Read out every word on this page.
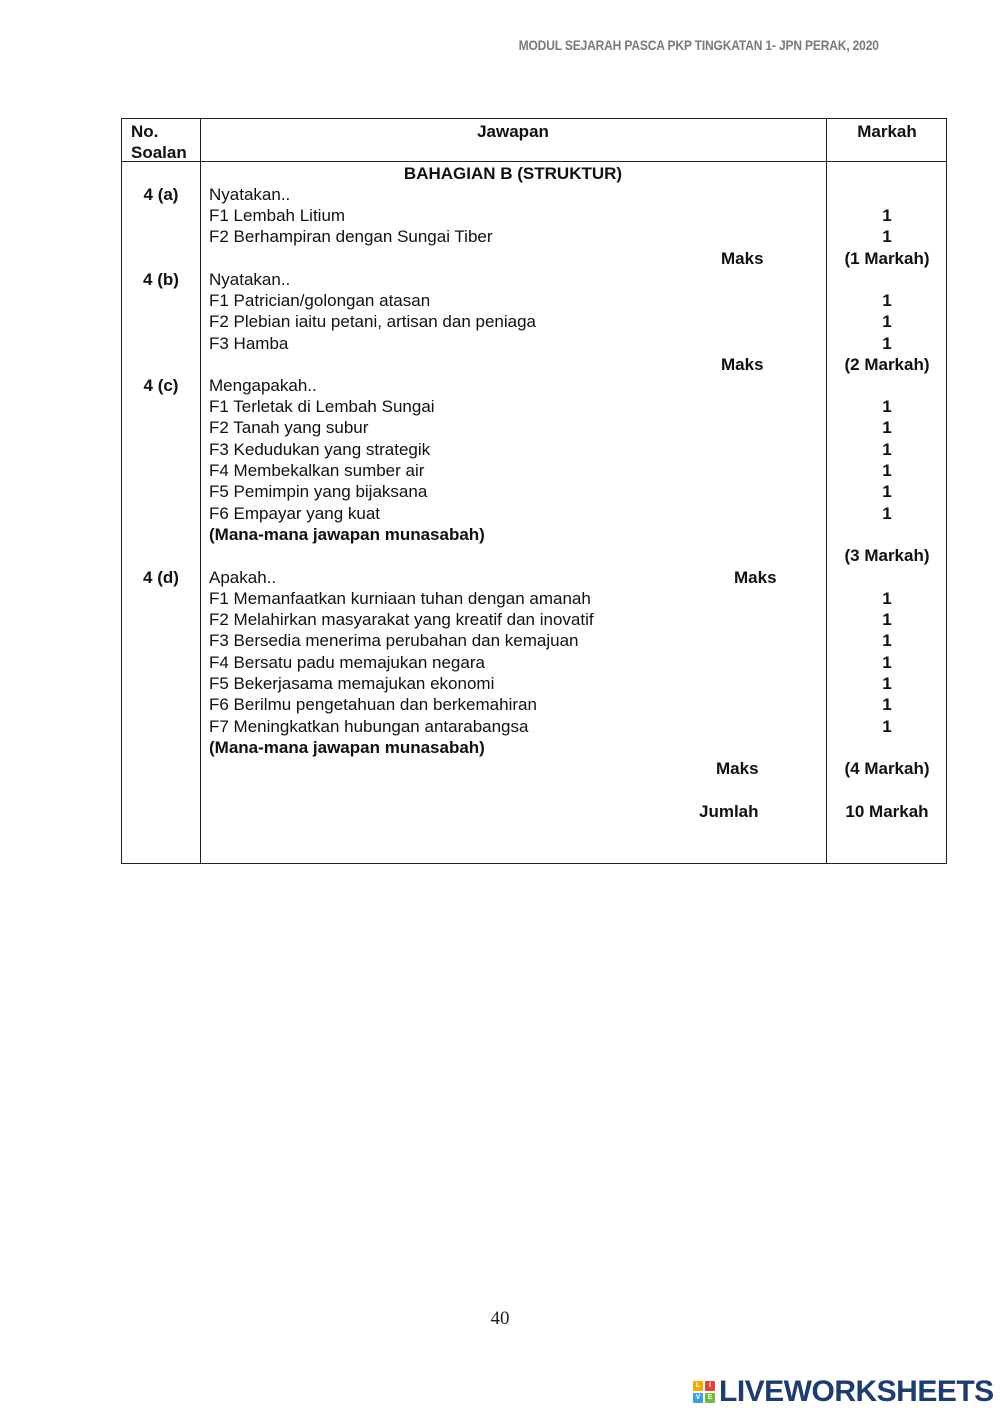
MODUL SEJARAH PASCA PKP TINGKATAN 1- JPN PERAK, 2020
No.
Soalan
Jawapan	Markah
BAHAGIAN B (STRUKTUR)
4 (a)	Nyatakan..
F1 Lembah Litium	1
F2 Berhampiran dengan Sungai Tiber	1
Maks	(1 Markah)
4 (b)	Nyatakan..
F1 Patrician/golongan atasan	1
F2 Plebian iaitu petani, artisan dan peniaga	1
F3 Hamba	1
Maks	(2 Markah)
4 (c)	Mengapakah..
F1 Terletak di Lembah Sungai	1
F2 Tanah yang subur	1
F3 Kedudukan yang strategik	1
F4 Membekalkan sumber air	1
F5 Pemimpin yang bijaksana	1
F6 Empayar yang kuat	1
(Mana-mana jawapan munasabah)
(3 Markah)
4 (d)	Apakah..	Maks
F1 Memanfaatkan kurniaan tuhan dengan amanah	1
F2 Melahirkan masyarakat yang kreatif dan inovatif	1
F3 Bersedia menerima perubahan dan kemajuan	1
F4 Bersatu padu memajukan negara	1
F5 Bekerjasama memajukan ekonomi	1
F6 Berilmu pengetahuan dan berkemahiran	1
F7 Meningkatkan hubungan antarabangsa	1
(Mana-mana jawapan munasabah)
Maks	(4 Markah)
Jumlah	10 Markah
40
L	I
V	E LIVEWORKSHEETS
